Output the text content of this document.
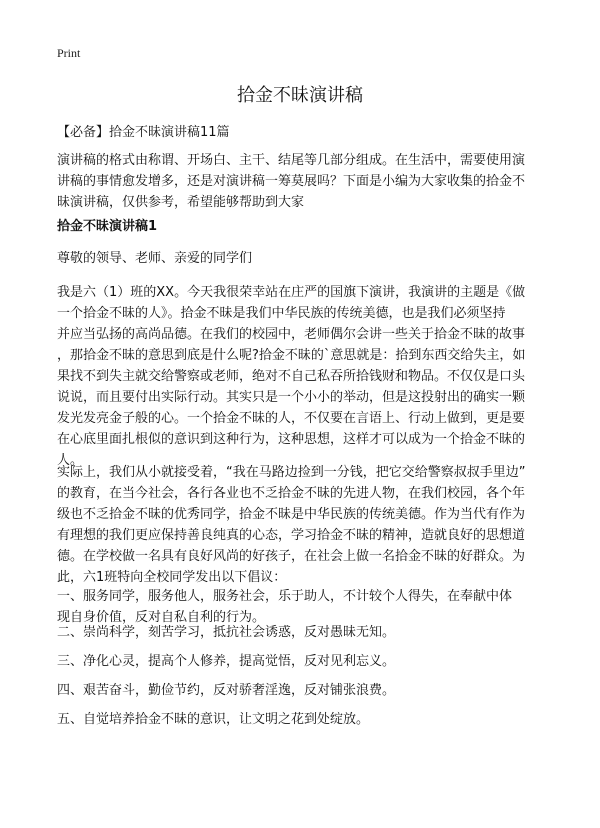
Print
拾金不昧演讲稿
【必备】拾金不昧演讲稿11篇

演讲稿的格式由称谓、开场白、主干、结尾等几部分组成。在生活中，需要使用演
讲稿的事情愈发增多，还是对演讲稿一筹莫展吗？下面是小编为大家收集的拾金不
昧演讲稿，仅供参考，希望能够帮助到大家

拾金不昧演讲稿1

尊敬的领导、老师、亲爱的同学们

我是六（1）班的XX。今天我很荣幸站在庄严的国旗下演讲，我演讲的主题是《做
一个拾金不昧的人》。拾金不昧是我们中华民族的传统美德，也是我们必须坚持
并应当弘扬的高尚品德。在我们的校园中，老师偶尔会讲一些关于拾金不昧的故事
，那拾金不昧的意思到底是什么呢?拾金不昧的`意思就是：拾到东西交给失主，如
果找不到失主就交给警察或老师，绝对不自己私吞所拾钱财和物品。不仅仅是口头
说说，而且要付出实际行动。其实只是一个小小的举动，但是这投射出的确实一颗
发光发亮金子般的心。一个拾金不昧的人，不仅要在言语上、行动上做到，更是要
在心底里面扎根似的意识到这种行为，这种思想，这样才可以成为一个拾金不昧的
人。

实际上，我们从小就接受着，“我在马路边捡到一分钱，把它交给警察叔叔手里边”
的教育，在当今社会，各行各业也不乏拾金不昧的先进人物，在我们校园，各个年
级也不乏拾金不昧的优秀同学，拾金不昧是中华民族的传统美德。作为当代有作为
有理想的我们更应保持善良纯真的心态，学习拾金不昧的精神，造就良好的思想道
德。在学校做一名具有良好风尚的好孩子，在社会上做一名拾金不昧的好群众。为
此，六1班特向全校同学发出以下倡议：

一、服务同学，服务他人，服务社会，乐于助人，不计较个人得失，在奉献中体
现自身价值，反对自私自利的行为。

二、崇尚科学，刻苦学习，抵抗社会诱惑，反对愚昧无知。

三、净化心灵，提高个人修养，提高觉悟，反对见利忘义。

四、艰苦奋斗，勤俭节约，反对骄奢淫逸，反对铺张浪费。

五、自觉培养拾金不昧的意识，让文明之花到处绽放。
